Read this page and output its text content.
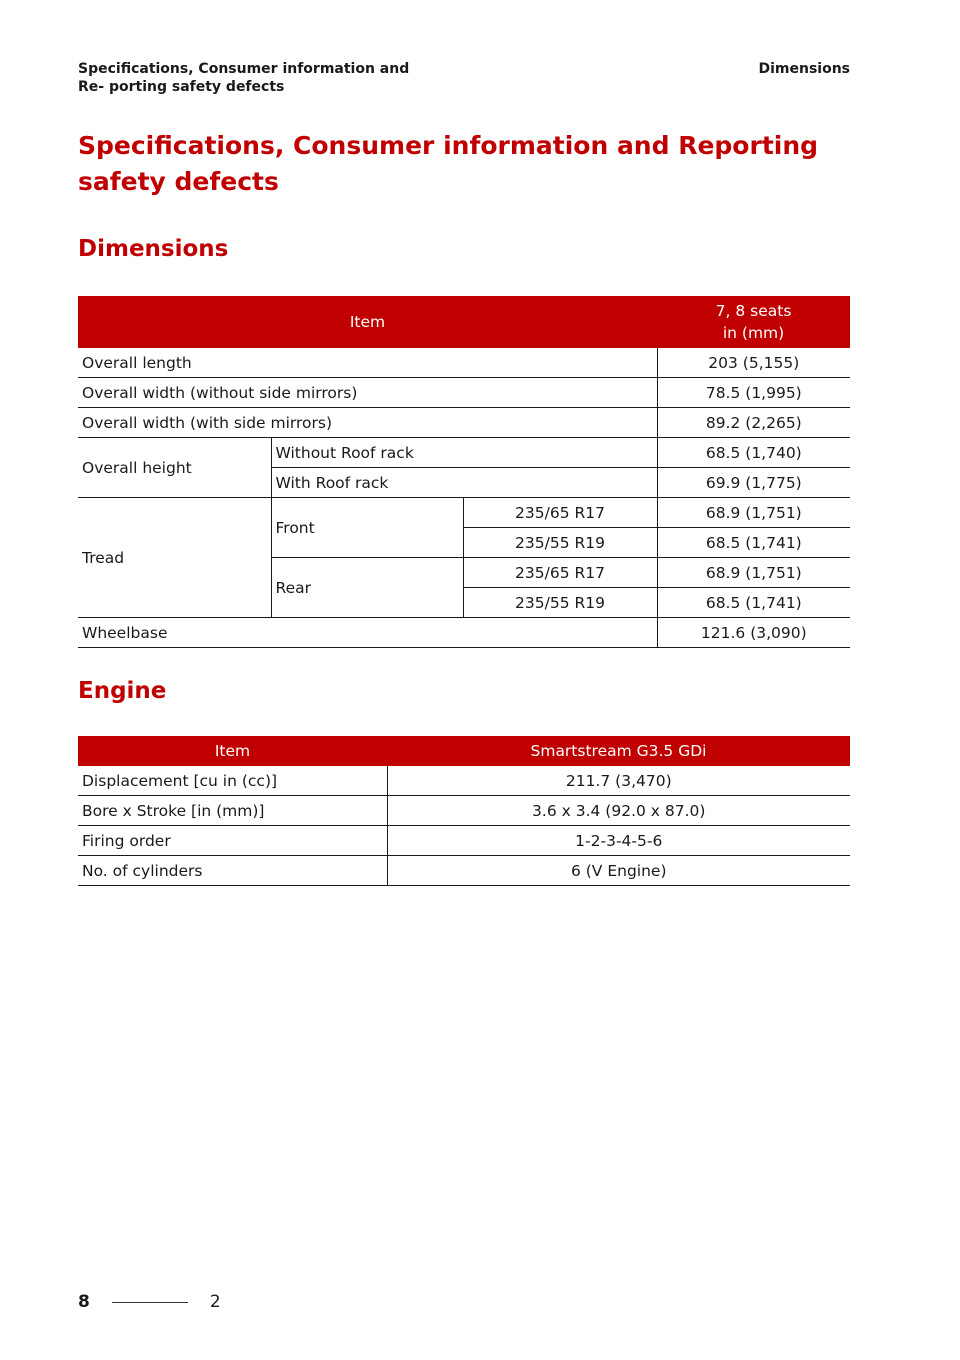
Specifications, Consumer information and Re- porting safety defects
Dimensions
Specifications, Consumer information and Reporting safety defects
Dimensions
Item			7, 8 seats
in (mm)
Overall length			203 (5,155)
Overall width (without side mirrors)			78.5 (1,995)
Overall width (with side mirrors)			89.2 (2,265)
Overall height	Without Roof rack		68.5 (1,740)
	With Roof rack		69.9 (1,775)
Tread	Front	235/65 R17	68.9 (1,751)
		235/55 R19	68.5 (1,741)
	Rear	235/65 R17	68.9 (1,751)
		235/55 R19	68.5 (1,741)
Wheelbase			121.6 (3,090)
Engine
Item	Smartstream G3.5 GDi
Displacement [cu in (cc)]	211.7 (3,470)
Bore x Stroke [in (mm)]	3.6 x 3.4 (92.0 x 87.0)
Firing order	1-2-3-4-5-6
No. of cylinders	6 (V Engine)
8	2
